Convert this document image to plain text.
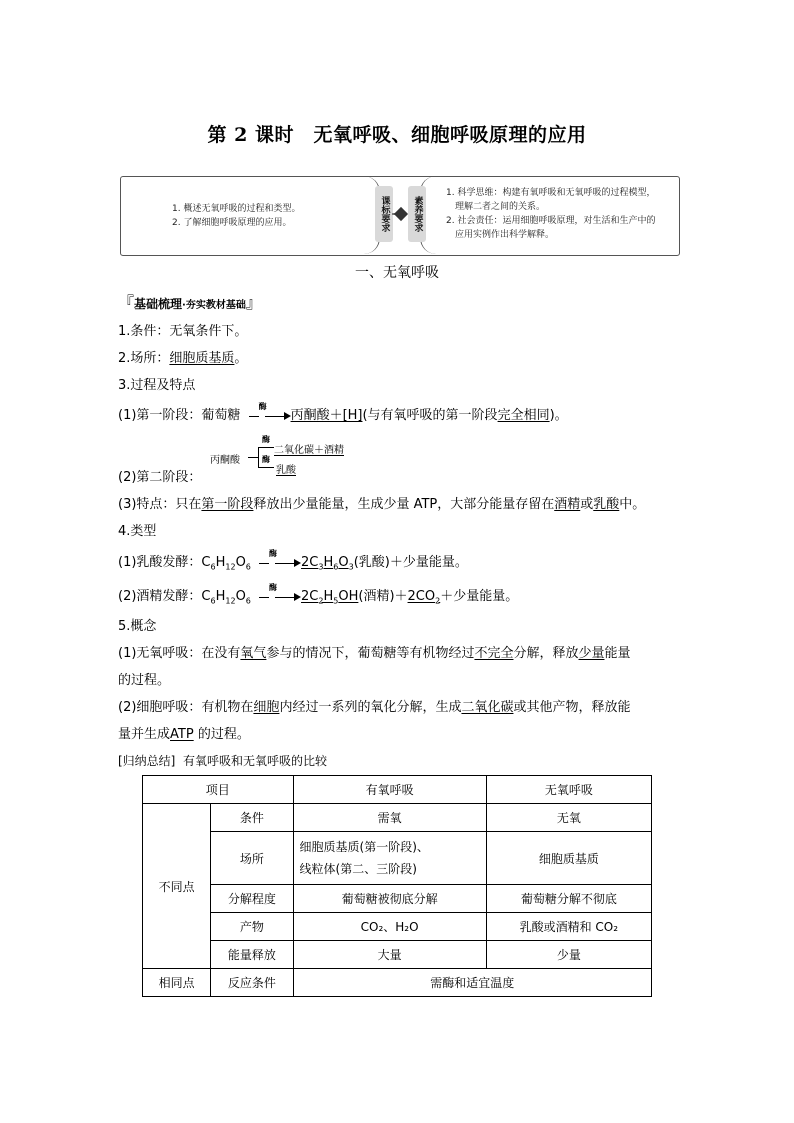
第 2 课时　无氧呼吸、细胞呼吸原理的应用
1. 概述无氧呼吸的过程和类型。
2. 了解细胞呼吸原理的应用。	课标要求	素养要求
1. 科学思维：构建有氧呼吸和无氧呼吸的过程模型，
　理解二者之间的关系。
2. 社会责任：运用细胞呼吸原理，对生活和生产中的
　应用实例作出科学解释。
一、无氧呼吸
『基础梳理·夯实教材基础』
1.条件：无氧条件下。
2.场所：细胞质基质。
3.过程及特点
(1)第一阶段：葡萄糖
酶
丙酮酸＋[H](与有氧呼吸的第一阶段完全相同)。
丙酮酸
酶
酶
二氧化碳＋酒精
乳酸
(2)第二阶段：
(3)特点：只在第一阶段释放出少量能量，生成少量 ATP，大部分能量存留在酒精或乳酸中。
4.类型
(1)乳酸发酵：$C_6H_{12}O_6$
酶
$2C_3H_6O_3$(乳酸)＋少量能量。
(2)酒精发酵：$C_6H_{12}O_6$
酶
$2C_2H_5OH$(酒精)$+2CO_2+$少量能量。
5.概念
(1)无氧呼吸：在没有氧气参与的情况下，葡萄糖等有机物经过不完全分解，释放少量能量
的过程。
(2)细胞呼吸：有机物在细胞内经过一系列的氧化分解，生成二氧化碳或其他产物，释放能
量并生成ATP 的过程。
[归纳总结] 有氧呼吸和无氧呼吸的比较
项目		有氧呼吸	无氧呼吸
不同点	条件	需氧	无氧
	场所	细胞质基质(第一阶段)、
线粒体(第二、三阶段)	细胞质基质
	分解程度	葡萄糖被彻底分解	葡萄糖分解不彻底
	产物	CO₂、H₂O	乳酸或酒精和 CO₂
	能量释放	大量	少量
相同点	反应条件	需酶和适宜温度	
